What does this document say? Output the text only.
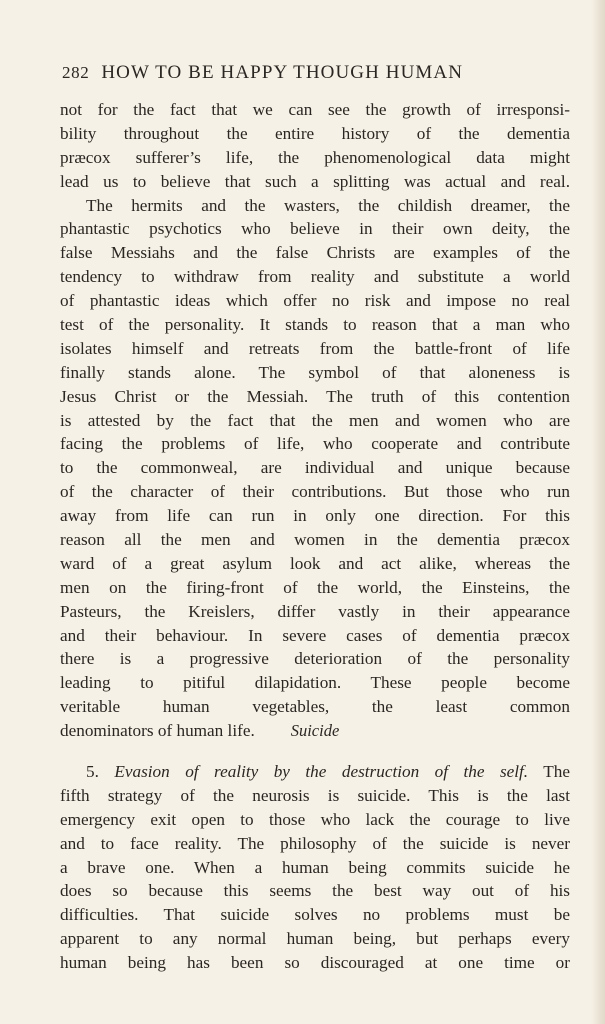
282 HOW TO BE HAPPY THOUGH HUMAN
not for the fact that we can see the growth of irresponsi-
bility throughout the entire history of the dementia
præcox sufferer’s life, the phenomenological data might
lead us to believe that such a splitting was actual and real.
The hermits and the wasters, the childish dreamer, the
phantastic psychotics who believe in their own deity, the
false Messiahs and the false Christs are examples of the
tendency to withdraw from reality and substitute a world
of phantastic ideas which offer no risk and impose no real
test of the personality. It stands to reason that a man who
isolates himself and retreats from the battle-front of life
finally stands alone. The symbol of that aloneness is
Jesus Christ or the Messiah. The truth of this contention
is attested by the fact that the men and women who are
facing the problems of life, who cooperate and contribute
to the commonweal, are individual and unique because
of the character of their contributions. But those who run
away from life can run in only one direction. For this
reason all the men and women in the dementia præcox
ward of a great asylum look and act alike, whereas the
men on the firing-front of the world, the Einsteins, the
Pasteurs, the Kreislers, differ vastly in their appearance
and their behaviour. In severe cases of dementia præcox
there is a progressive deterioration of the personality
leading to pitiful dilapidation. These people become
veritable human vegetables, the least common
denominators of human life.	Suicide
5. Evasion of reality by the destruction of the self. The
fifth strategy of the neurosis is suicide. This is the last
emergency exit open to those who lack the courage to live
and to face reality. The philosophy of the suicide is never
a brave one. When a human being commits suicide he
does so because this seems the best way out of his
difficulties. That suicide solves no problems must be
apparent to any normal human being, but perhaps every
human being has been so discouraged at one time or
